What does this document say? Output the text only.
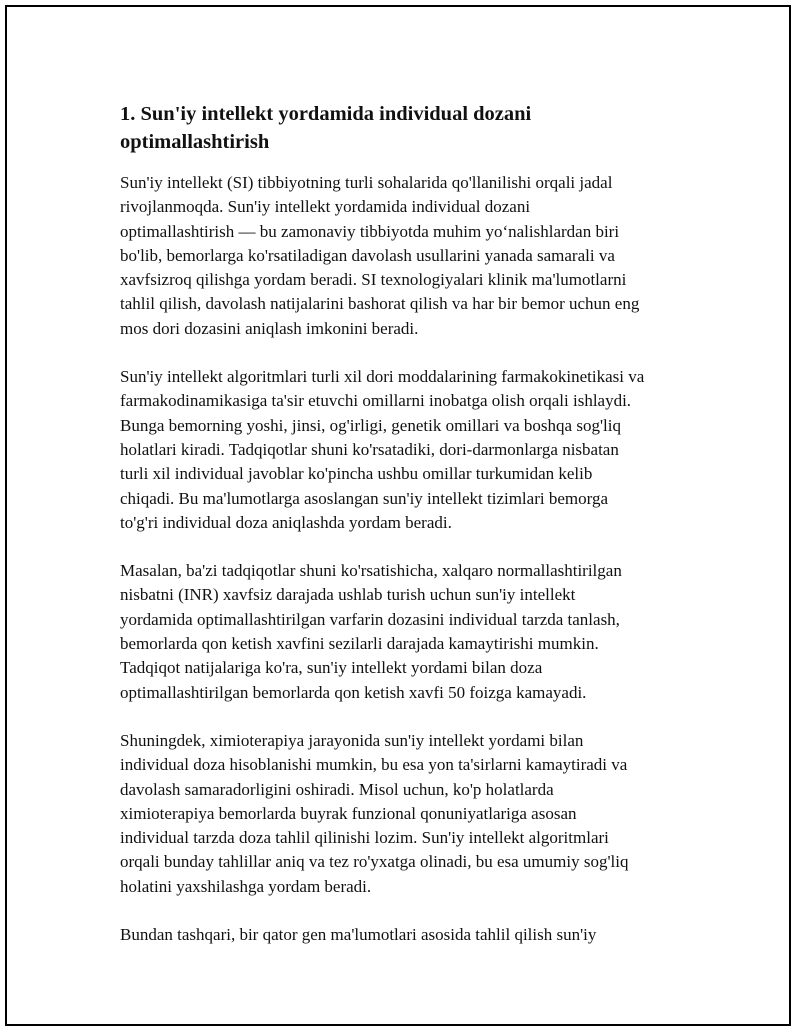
1. Sun'iy intellekt yordamida individual dozani
optimallashtirish

Sun'iy intellekt (SI) tibbiyotning turli sohalarida qo'llanilishi orqali jadal
rivojlanmoqda. Sun'iy intellekt yordamida individual dozani
optimallashtirish — bu zamonaviy tibbiyotda muhim yo‘nalishlardan biri
bo'lib, bemorlarga ko'rsatiladigan davolash usullarini yanada samarali va
xavfsizroq qilishga yordam beradi. SI texnologiyalari klinik ma'lumotlarni
tahlil qilish, davolash natijalarini bashorat qilish va har bir bemor uchun eng
mos dori dozasini aniqlash imkonini beradi.

Sun'iy intellekt algoritmlari turli xil dori moddalarining farmakokinetikasi va
farmakodinamikasiga ta'sir etuvchi omillarni inobatga olish orqali ishlaydi.
Bunga bemorning yoshi, jinsi, og'irligi, genetik omillari va boshqa sog'liq
holatlari kiradi. Tadqiqotlar shuni ko'rsatadiki, dori-darmonlarga nisbatan
turli xil individual javoblar ko'pincha ushbu omillar turkumidan kelib
chiqadi. Bu ma'lumotlarga asoslangan sun'iy intellekt tizimlari bemorga
to'g'ri individual doza aniqlashda yordam beradi.

Masalan, ba'zi tadqiqotlar shuni ko'rsatishicha, xalqaro normallashtirilgan
nisbatni (INR) xavfsiz darajada ushlab turish uchun sun'iy intellekt
yordamida optimallashtirilgan varfarin dozasini individual tarzda tanlash,
bemorlarda qon ketish xavfini sezilarli darajada kamaytirishi mumkin.
Tadqiqot natijalariga ko'ra, sun'iy intellekt yordami bilan doza
optimallashtirilgan bemorlarda qon ketish xavfi 50 foizga kamayadi.

Shuningdek, ximioterapiya jarayonida sun'iy intellekt yordami bilan
individual doza hisoblanishi mumkin, bu esa yon ta'sirlarni kamaytiradi va
davolash samaradorligini oshiradi. Misol uchun, ko'p holatlarda
ximioterapiya bemorlarda buyrak funzional qonuniyatlariga asosan
individual tarzda doza tahlil qilinishi lozim. Sun'iy intellekt algoritmlari
orqali bunday tahlillar aniq va tez ro'yxatga olinadi, bu esa umumiy sog'liq
holatini yaxshilashga yordam beradi.

Bundan tashqari, bir qator gen ma'lumotlari asosida tahlil qilish sun'iy
